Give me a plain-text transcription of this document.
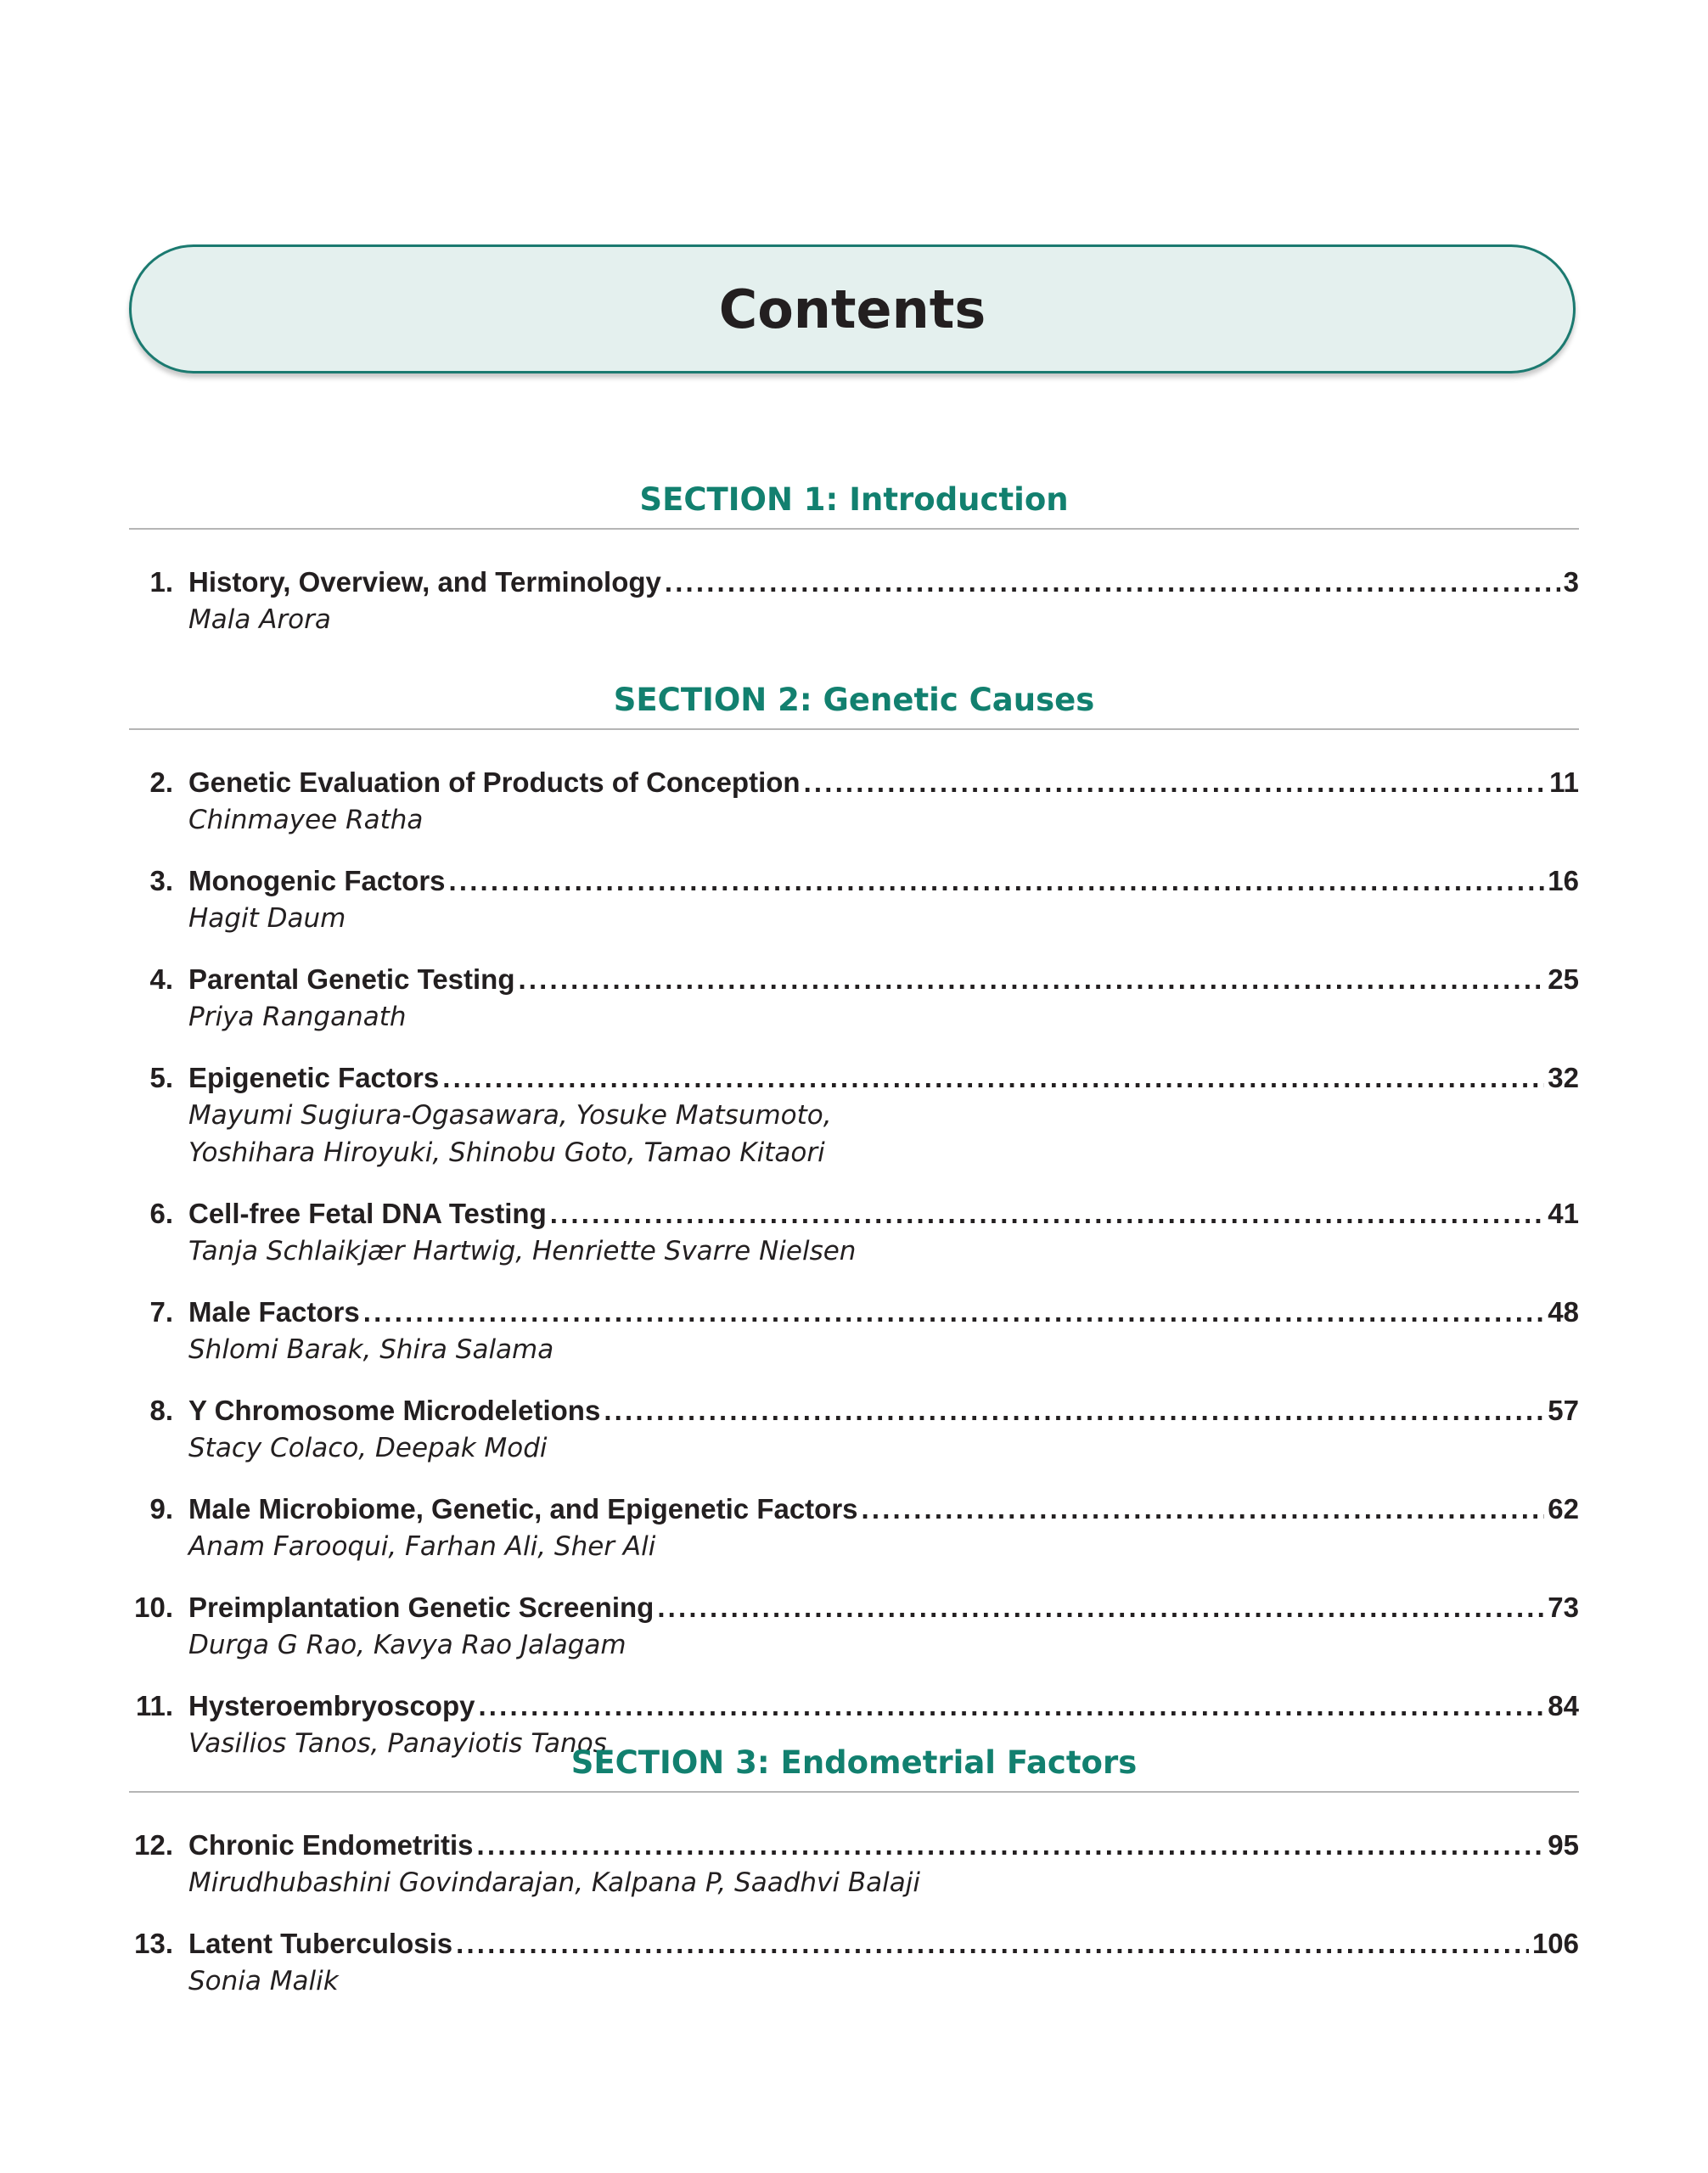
Contents
SECTION 1: Introduction
1. History, Overview, and Terminology . . .	3
Mala Arora
SECTION 2: Genetic Causes
2. Genetic Evaluation of Products of Conception . . .	11
Chinmayee Ratha
3. Monogenic Factors . . .	16
Hagit Daum
4. Parental Genetic Testing . . .	25
Priya Ranganath
5. Epigenetic Factors . . .	32
Mayumi Sugiura-Ogasawara, Yosuke Matsumoto,
Yoshihara Hiroyuki, Shinobu Goto, Tamao Kitaori
6. Cell-free Fetal DNA Testing . . .	41
Tanja Schlaikjær Hartwig, Henriette Svarre Nielsen
7. Male Factors . . .	48
Shlomi Barak, Shira Salama
8. Y Chromosome Microdeletions . . .	57
Stacy Colaco, Deepak Modi
9. Male Microbiome, Genetic, and Epigenetic Factors . . .	62
Anam Farooqui, Farhan Ali, Sher Ali
10. Preimplantation Genetic Screening . . .	73
Durga G Rao, Kavya Rao Jalagam
11. Hysteroembryoscopy . . .	84
Vasilios Tanos, Panayiotis Tanos
SECTION 3: Endometrial Factors
12. Chronic Endometritis . . .	95
Mirudhubashini Govindarajan, Kalpana P, Saadhvi Balaji
13. Latent Tuberculosis . . .	106
Sonia Malik
